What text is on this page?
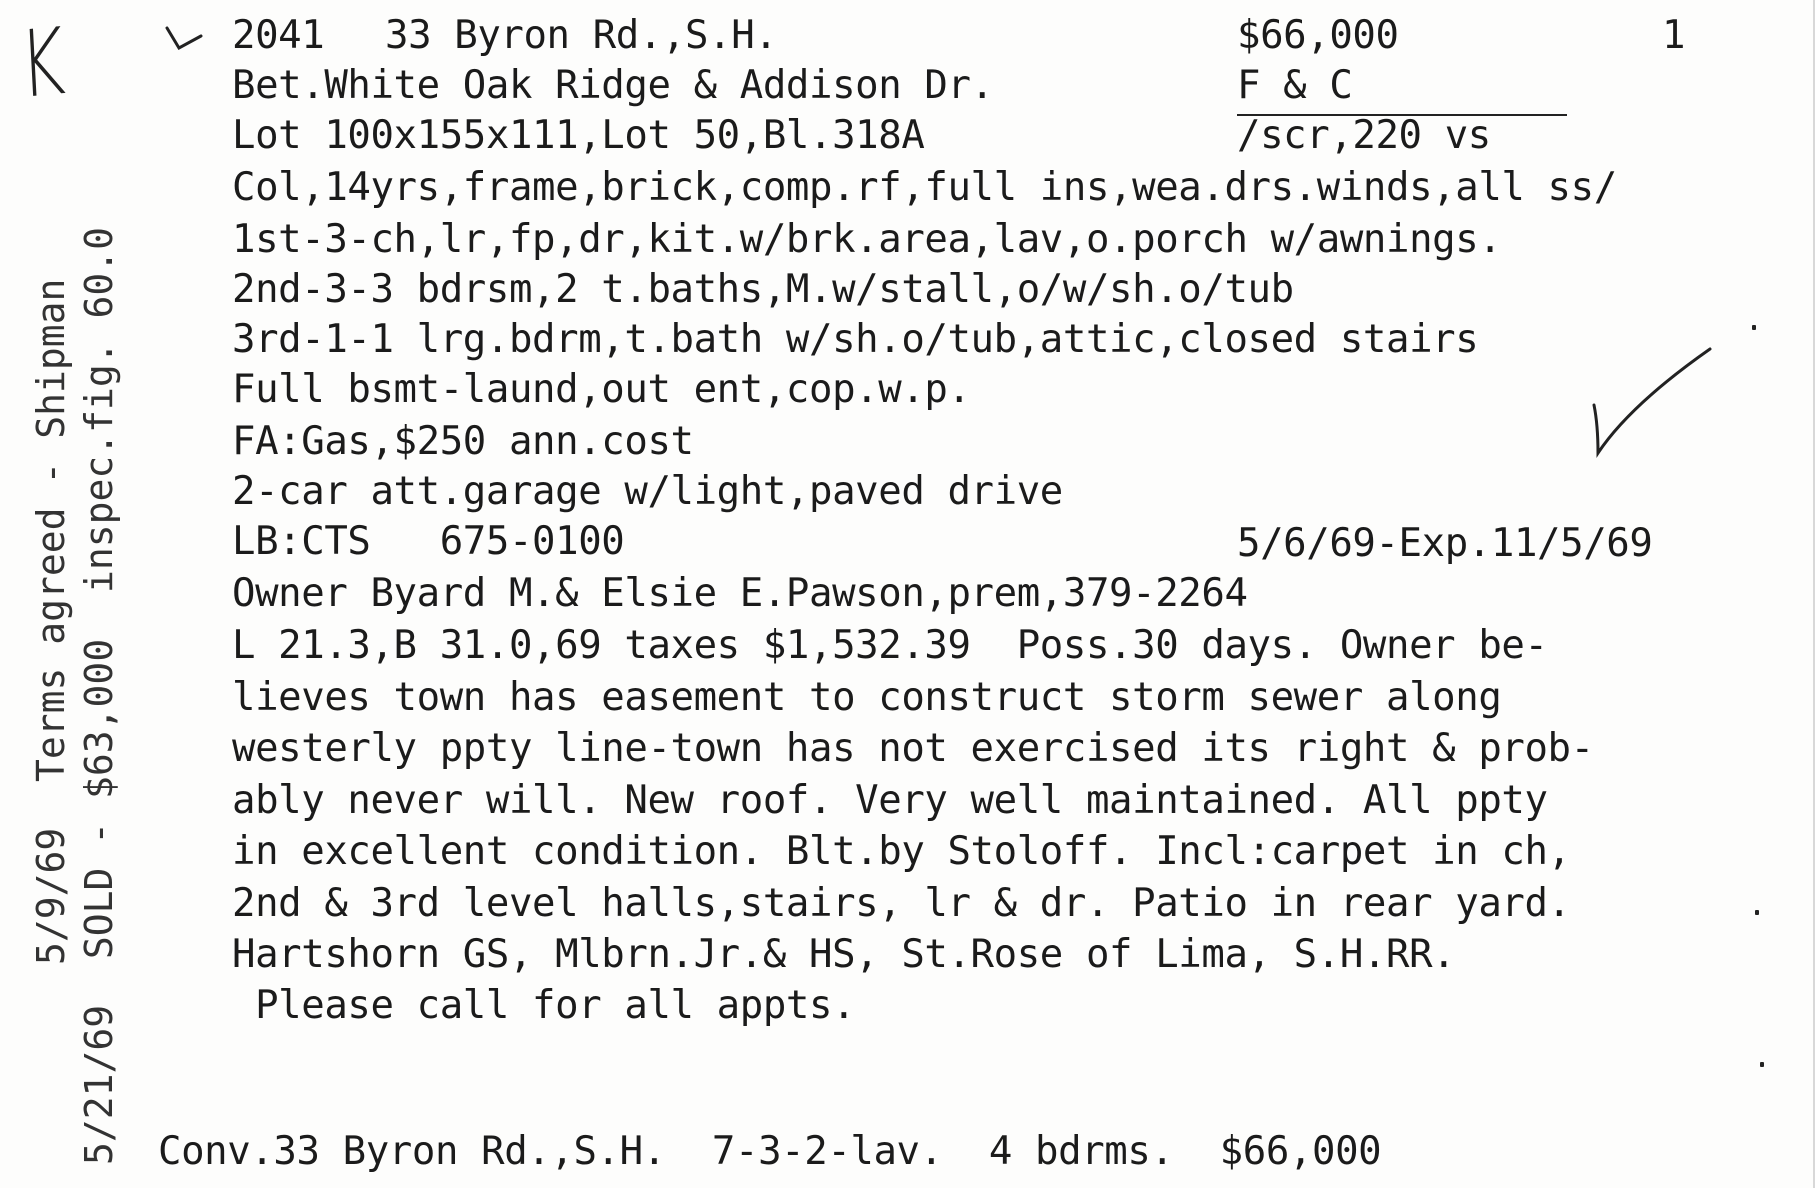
K
5/9/69  Terms agreed - Shipman 5/21/69  SOLD - $63,000  inspec.fig. 60.0
2041 33 Byron Rd.,S.H.	$66,000	1
Bet.White Oak Ridge & Addison Dr.	F & C
Lot 100x155x111,Lot 50,Bl.318A	/scr,220 vs
Col,14yrs,frame,brick,comp.rf,full ins,wea.drs.winds,all ss/
1st-3-ch,lr,fp,dr,kit.w/brk.area,lav,o.porch w/awnings.
2nd-3-3 bdrsm,2 t.baths,M.w/stall,o/w/sh.o/tub
3rd-1-1 lrg.bdrm,t.bath w/sh.o/tub,attic,closed stairs
Full bsmt-laund,out ent,cop.w.p.
FA:Gas,$250 ann.cost
2-car att.garage w/light,paved drive
LB:CTS   675-0100	5/6/69-Exp.11/5/69
Owner Byard M.& Elsie E.Pawson,prem,379-2264
L 21.3,B 31.0,69 taxes $1,532.39  Poss.30 days. Owner be-
lieves town has easement to construct storm sewer along
westerly ppty line-town has not exercised its right & prob-
ably never will. New roof. Very well maintained. All ppty
in excellent condition. Blt.by Stoloff. Incl:carpet in ch,
2nd & 3rd level halls,stairs, lr & dr. Patio in rear yard.
Hartshorn GS, Mlbrn.Jr.& HS, St.Rose of Lima, S.H.RR.
Please call for all appts.
Conv.33 Byron Rd.,S.H.  7-3-2-lav.  4 bdrms.  $66,000
